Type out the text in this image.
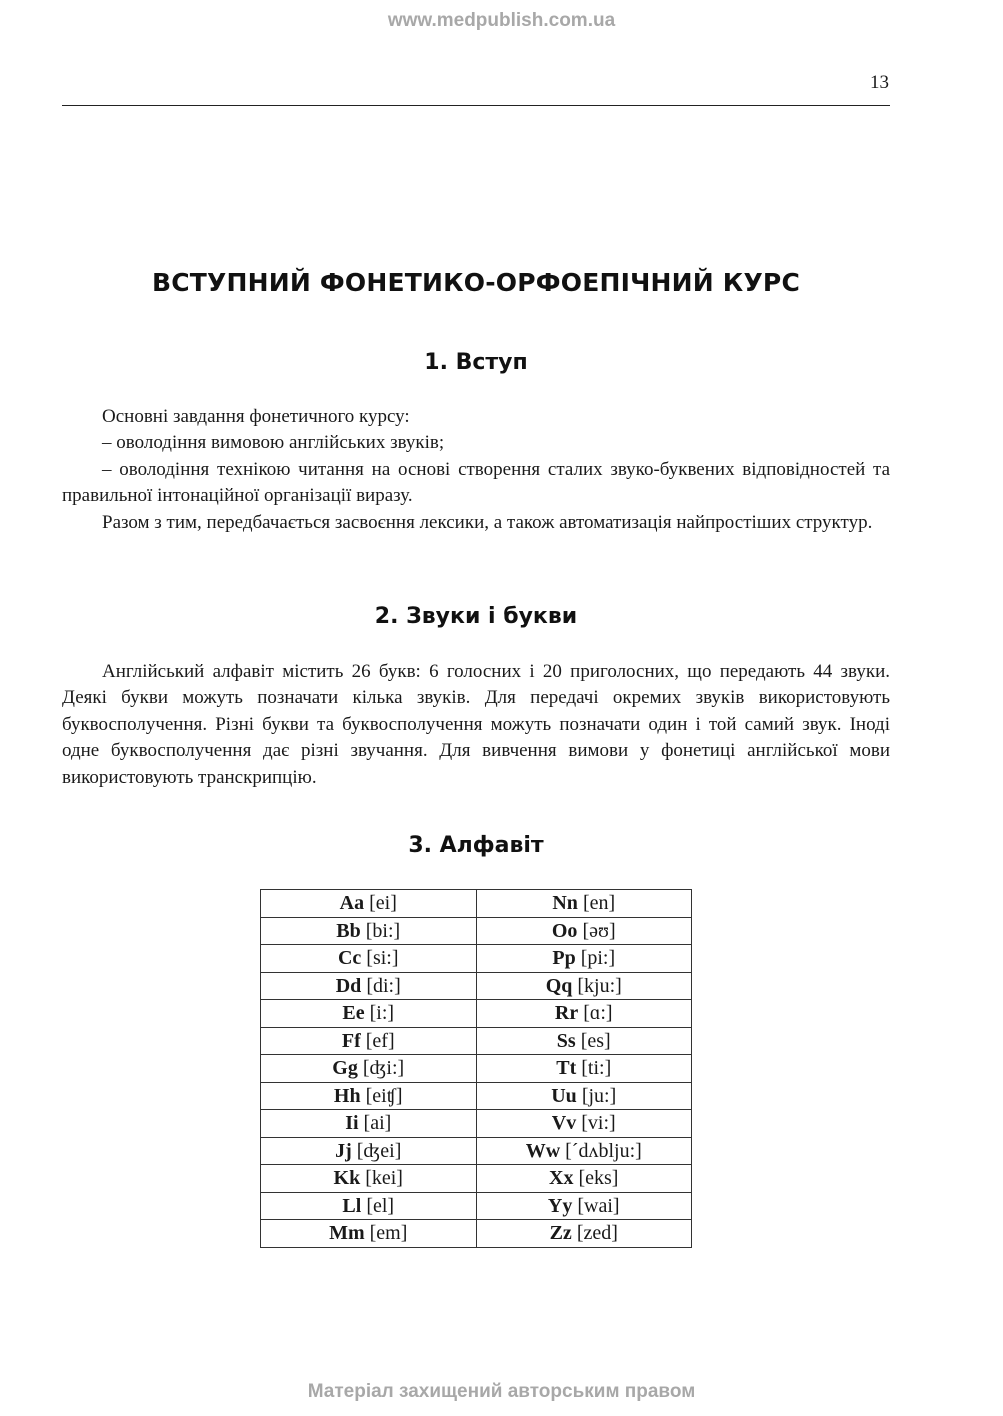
www.medpublish.com.ua
13
ВСТУПНИЙ ФОНЕТИКО-ОРФОЕПІЧНИЙ КУРС
1. Вступ

Основні завдання фонетичного курсу:

– оволодіння вимовою англійських звуків;

– оволодіння технікою читання на основі створення сталих звуко-буквених відповідностей та правильної інтонаційної організації виразу.

Разом з тим, передбачається засвоєння лексики, а також автоматизація найпростіших структур.

2. Звуки і букви

Англійський алфавіт містить 26 букв: 6 голосних і 20 приголосних, що передають 44 звуки. Деякі букви можуть позначати кілька звуків. Для передачі окремих звуків використовують буквосполучення. Різні букви та буквосполучення можуть позначати один і той самий звук. Іноді одне буквосполучення дає різні звучання. Для вивчення вимови у фонетиці англійської мови використовують транскрипцію.

3. Алфавіт
Aa [ei]	Nn [en]
Bb [bi:]	Oo [əʊ]
Cc [si:]	Pp [pi:]
Dd [di:]	Qq [kju:]
Ee [i:]	Rr [ɑ:]
Ff [ef]	Ss [es]
Gg [ʤi:]	Tt [ti:]
Hh [eiʧ]	Uu [ju:]
Ii [ai]	Vv [vi:]
Jj [ʤei]	Ww [ˊdʌblju:]
Kk [kei]	Xx [eks]
Ll [el]	Yy [wai]
Mm [em]	Zz [zed]
Матеріал захищений авторським правом
